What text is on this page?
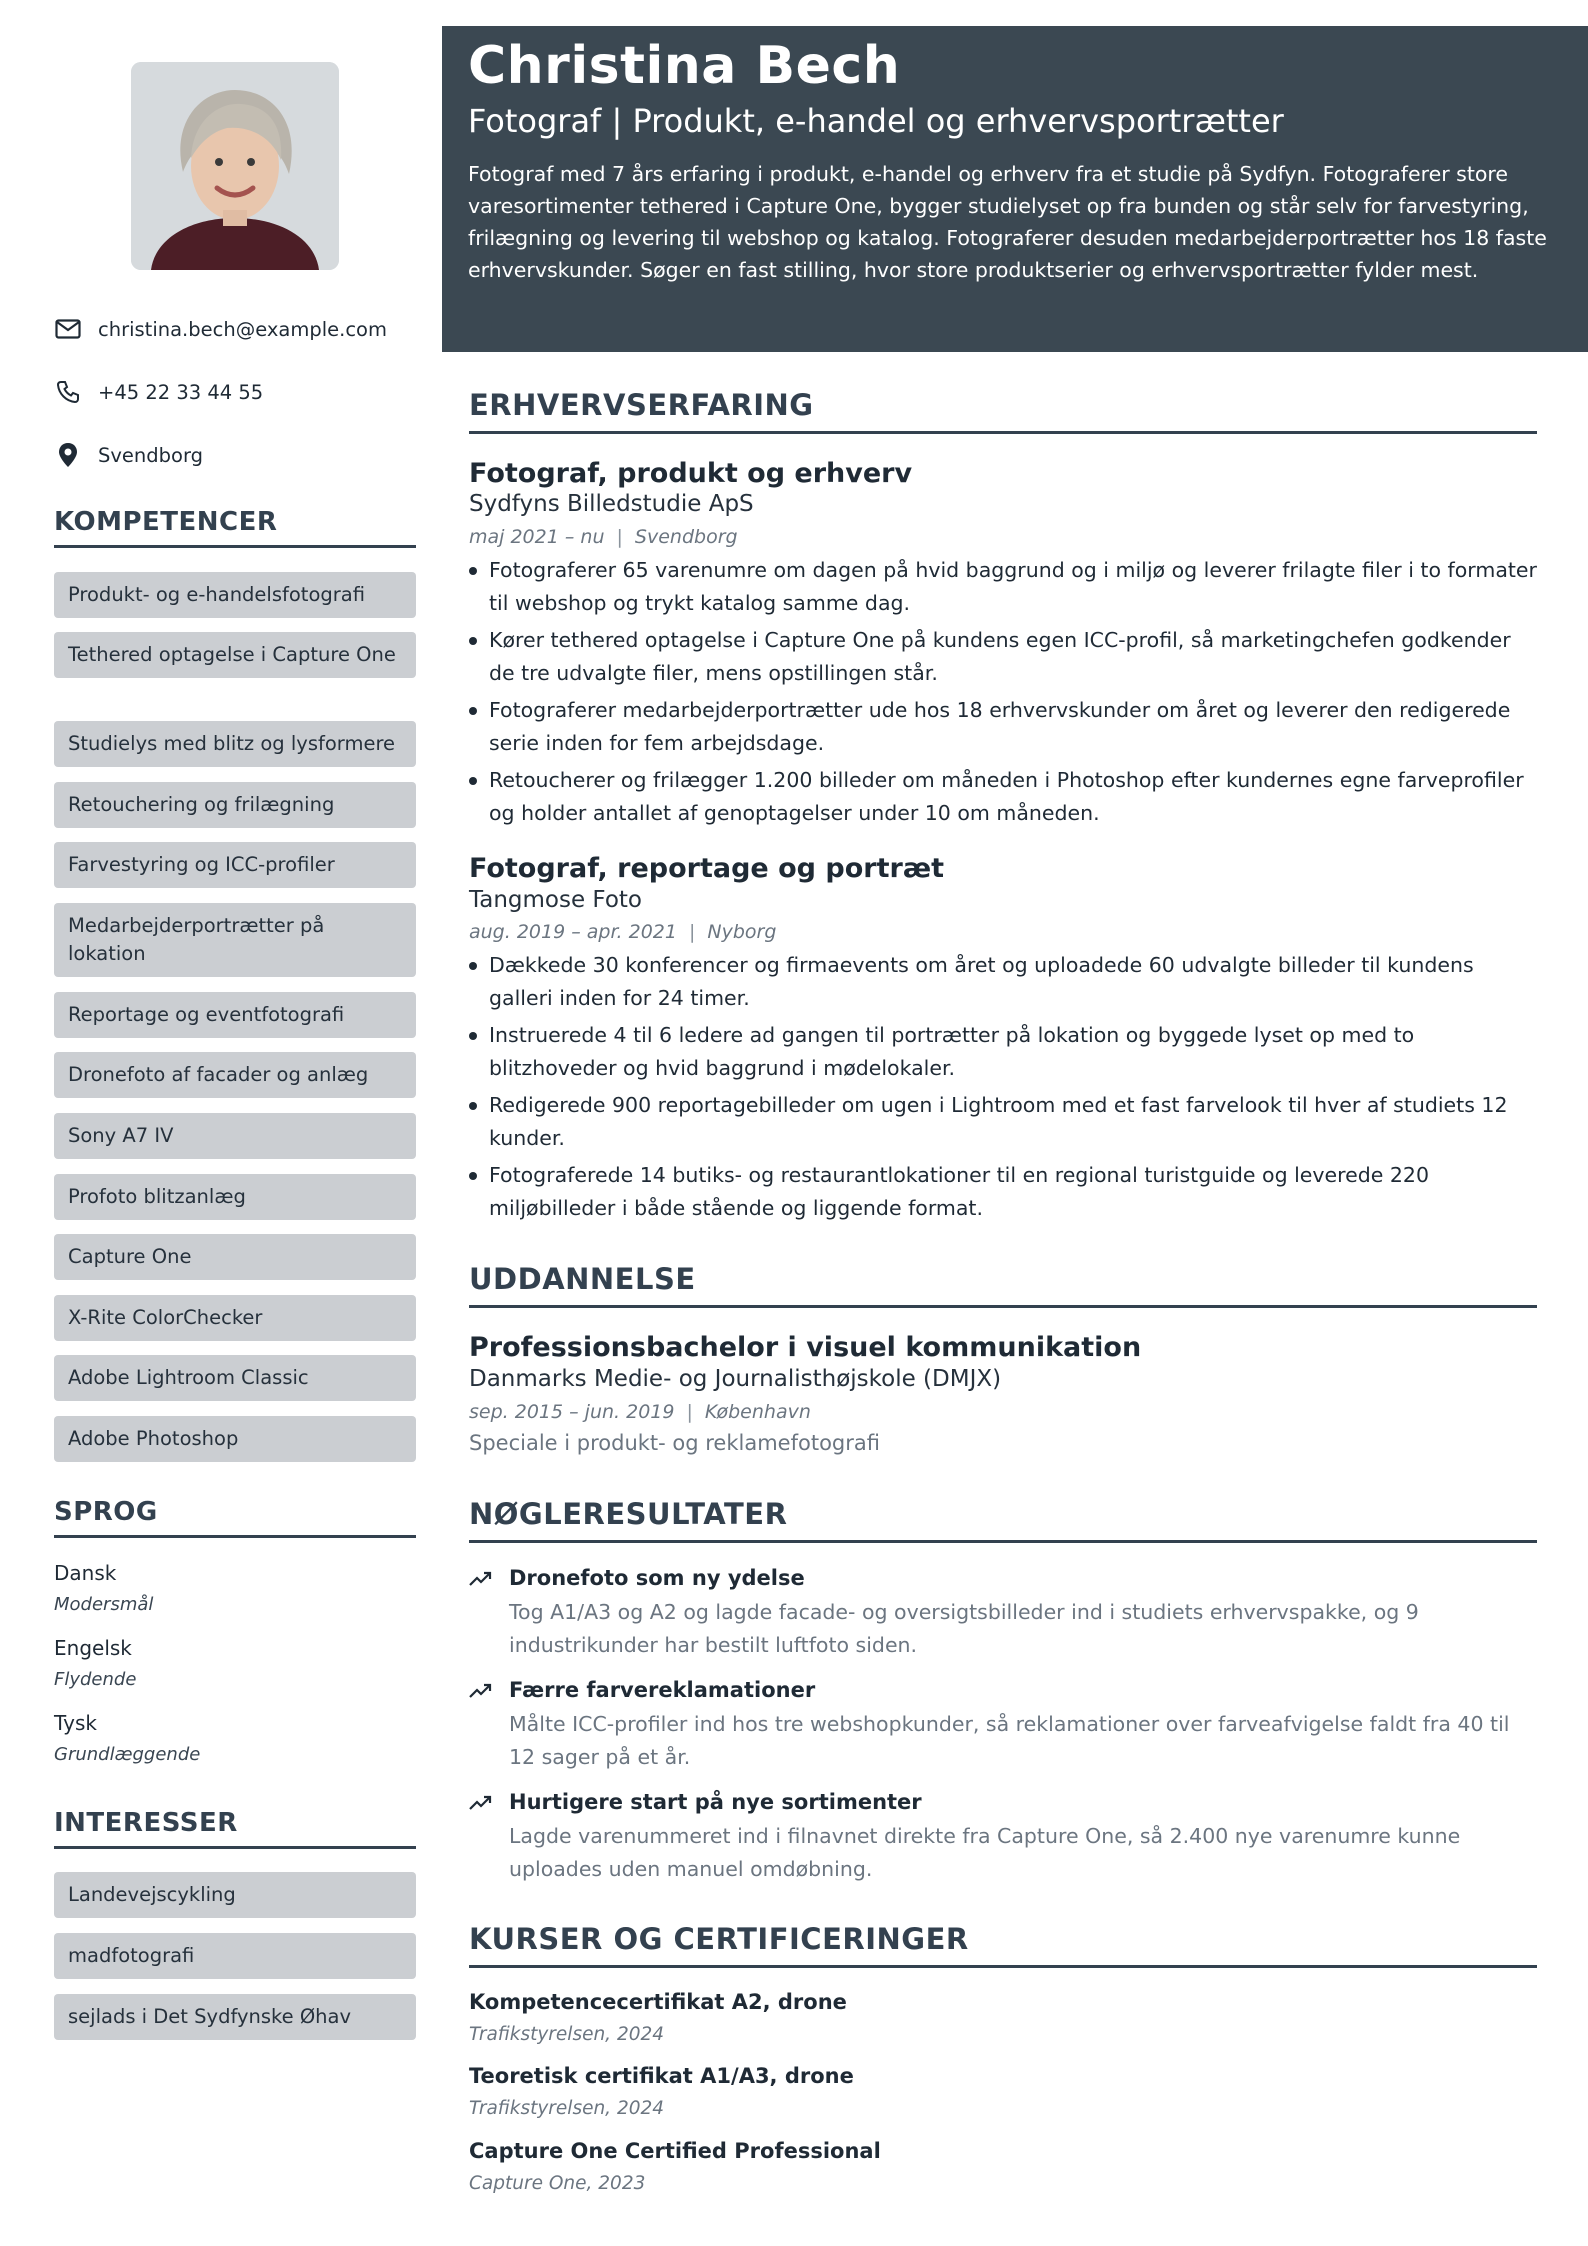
christina.bech@example.com
+45 22 33 44 55
Svendborg
KOMPETENCER
Produkt- og e-handelsfotografi
Tethered optagelse i Capture One
Studielys med blitz og lysformere
Retouchering og frilægning
Farvestyring og ICC-profiler
Medarbejderportrætter på lokation
Reportage og eventfotografi
Dronefoto af facader og anlæg
Sony A7 IV
Profoto blitzanlæg
Capture One
X-Rite ColorChecker
Adobe Lightroom Classic
Adobe Photoshop
SPROG
Dansk
Modersmål
Engelsk
Flydende
Tysk
Grundlæggende
INTERESSER
Landevejscykling
madfotografi
sejlads i Det Sydfynske Øhav
Christina Bech
Fotograf | Produkt, e-handel og erhvervsportrætter
Fotograf med 7 års erfaring i produkt, e-handel og erhverv fra et studie på Sydfyn. Fotograferer store varesortimenter tethered i Capture One, bygger studielyset op fra bunden og står selv for farvestyring, frilægning og levering til webshop og katalog. Fotograferer desuden medarbejderportrætter hos 18 faste erhvervskunder. Søger en fast stilling, hvor store produktserier og erhvervsportrætter fylder mest.
ERHVERVSERFARING
Fotograf, produkt og erhverv
Sydfyns Billedstudie ApS
maj 2021 – nu | Svendborg
Fotograferer 65 varenumre om dagen på hvid baggrund og i miljø og leverer frilagte filer i to formater til webshop og trykt katalog samme dag.
Kører tethered optagelse i Capture One på kundens egen ICC-profil, så marketingchefen godkender de tre udvalgte filer, mens opstillingen står.
Fotograferer medarbejderportrætter ude hos 18 erhvervskunder om året og leverer den redigerede serie inden for fem arbejdsdage.
Retoucherer og frilægger 1.200 billeder om måneden i Photoshop efter kundernes egne farveprofiler og holder antallet af genoptagelser under 10 om måneden.
Fotograf, reportage og portræt
Tangmose Foto
aug. 2019 – apr. 2021 | Nyborg
Dækkede 30 konferencer og firmaevents om året og uploadede 60 udvalgte billeder til kundens galleri inden for 24 timer.
Instruerede 4 til 6 ledere ad gangen til portrætter på lokation og byggede lyset op med to blitzhoveder og hvid baggrund i mødelokaler.
Redigerede 900 reportagebilleder om ugen i Lightroom med et fast farvelook til hver af studiets 12 kunder.
Fotograferede 14 butiks- og restaurantlokationer til en regional turistguide og leverede 220 miljøbilleder i både stående og liggende format.
UDDANNELSE
Professionsbachelor i visuel kommunikation
Danmarks Medie- og Journalisthøjskole (DMJX)
sep. 2015 – jun. 2019 | København
Speciale i produkt- og reklamefotografi
NØGLERESULTATER
Dronefoto som ny ydelse
Tog A1/A3 og A2 og lagde facade- og oversigtsbilleder ind i studiets erhvervspakke, og 9 industrikunder har bestilt luftfoto siden.
Færre farvereklamationer
Målte ICC-profiler ind hos tre webshopkunder, så reklamationer over farveafvigelse faldt fra 40 til 12 sager på et år.
Hurtigere start på nye sortimenter
Lagde varenummeret ind i filnavnet direkte fra Capture One, så 2.400 nye varenumre kunne uploades uden manuel omdøbning.
KURSER OG CERTIFICERINGER
Kompetencecertifikat A2, drone
Trafikstyrelsen, 2024
Teoretisk certifikat A1/A3, drone
Trafikstyrelsen, 2024
Capture One Certified Professional
Capture One, 2023
